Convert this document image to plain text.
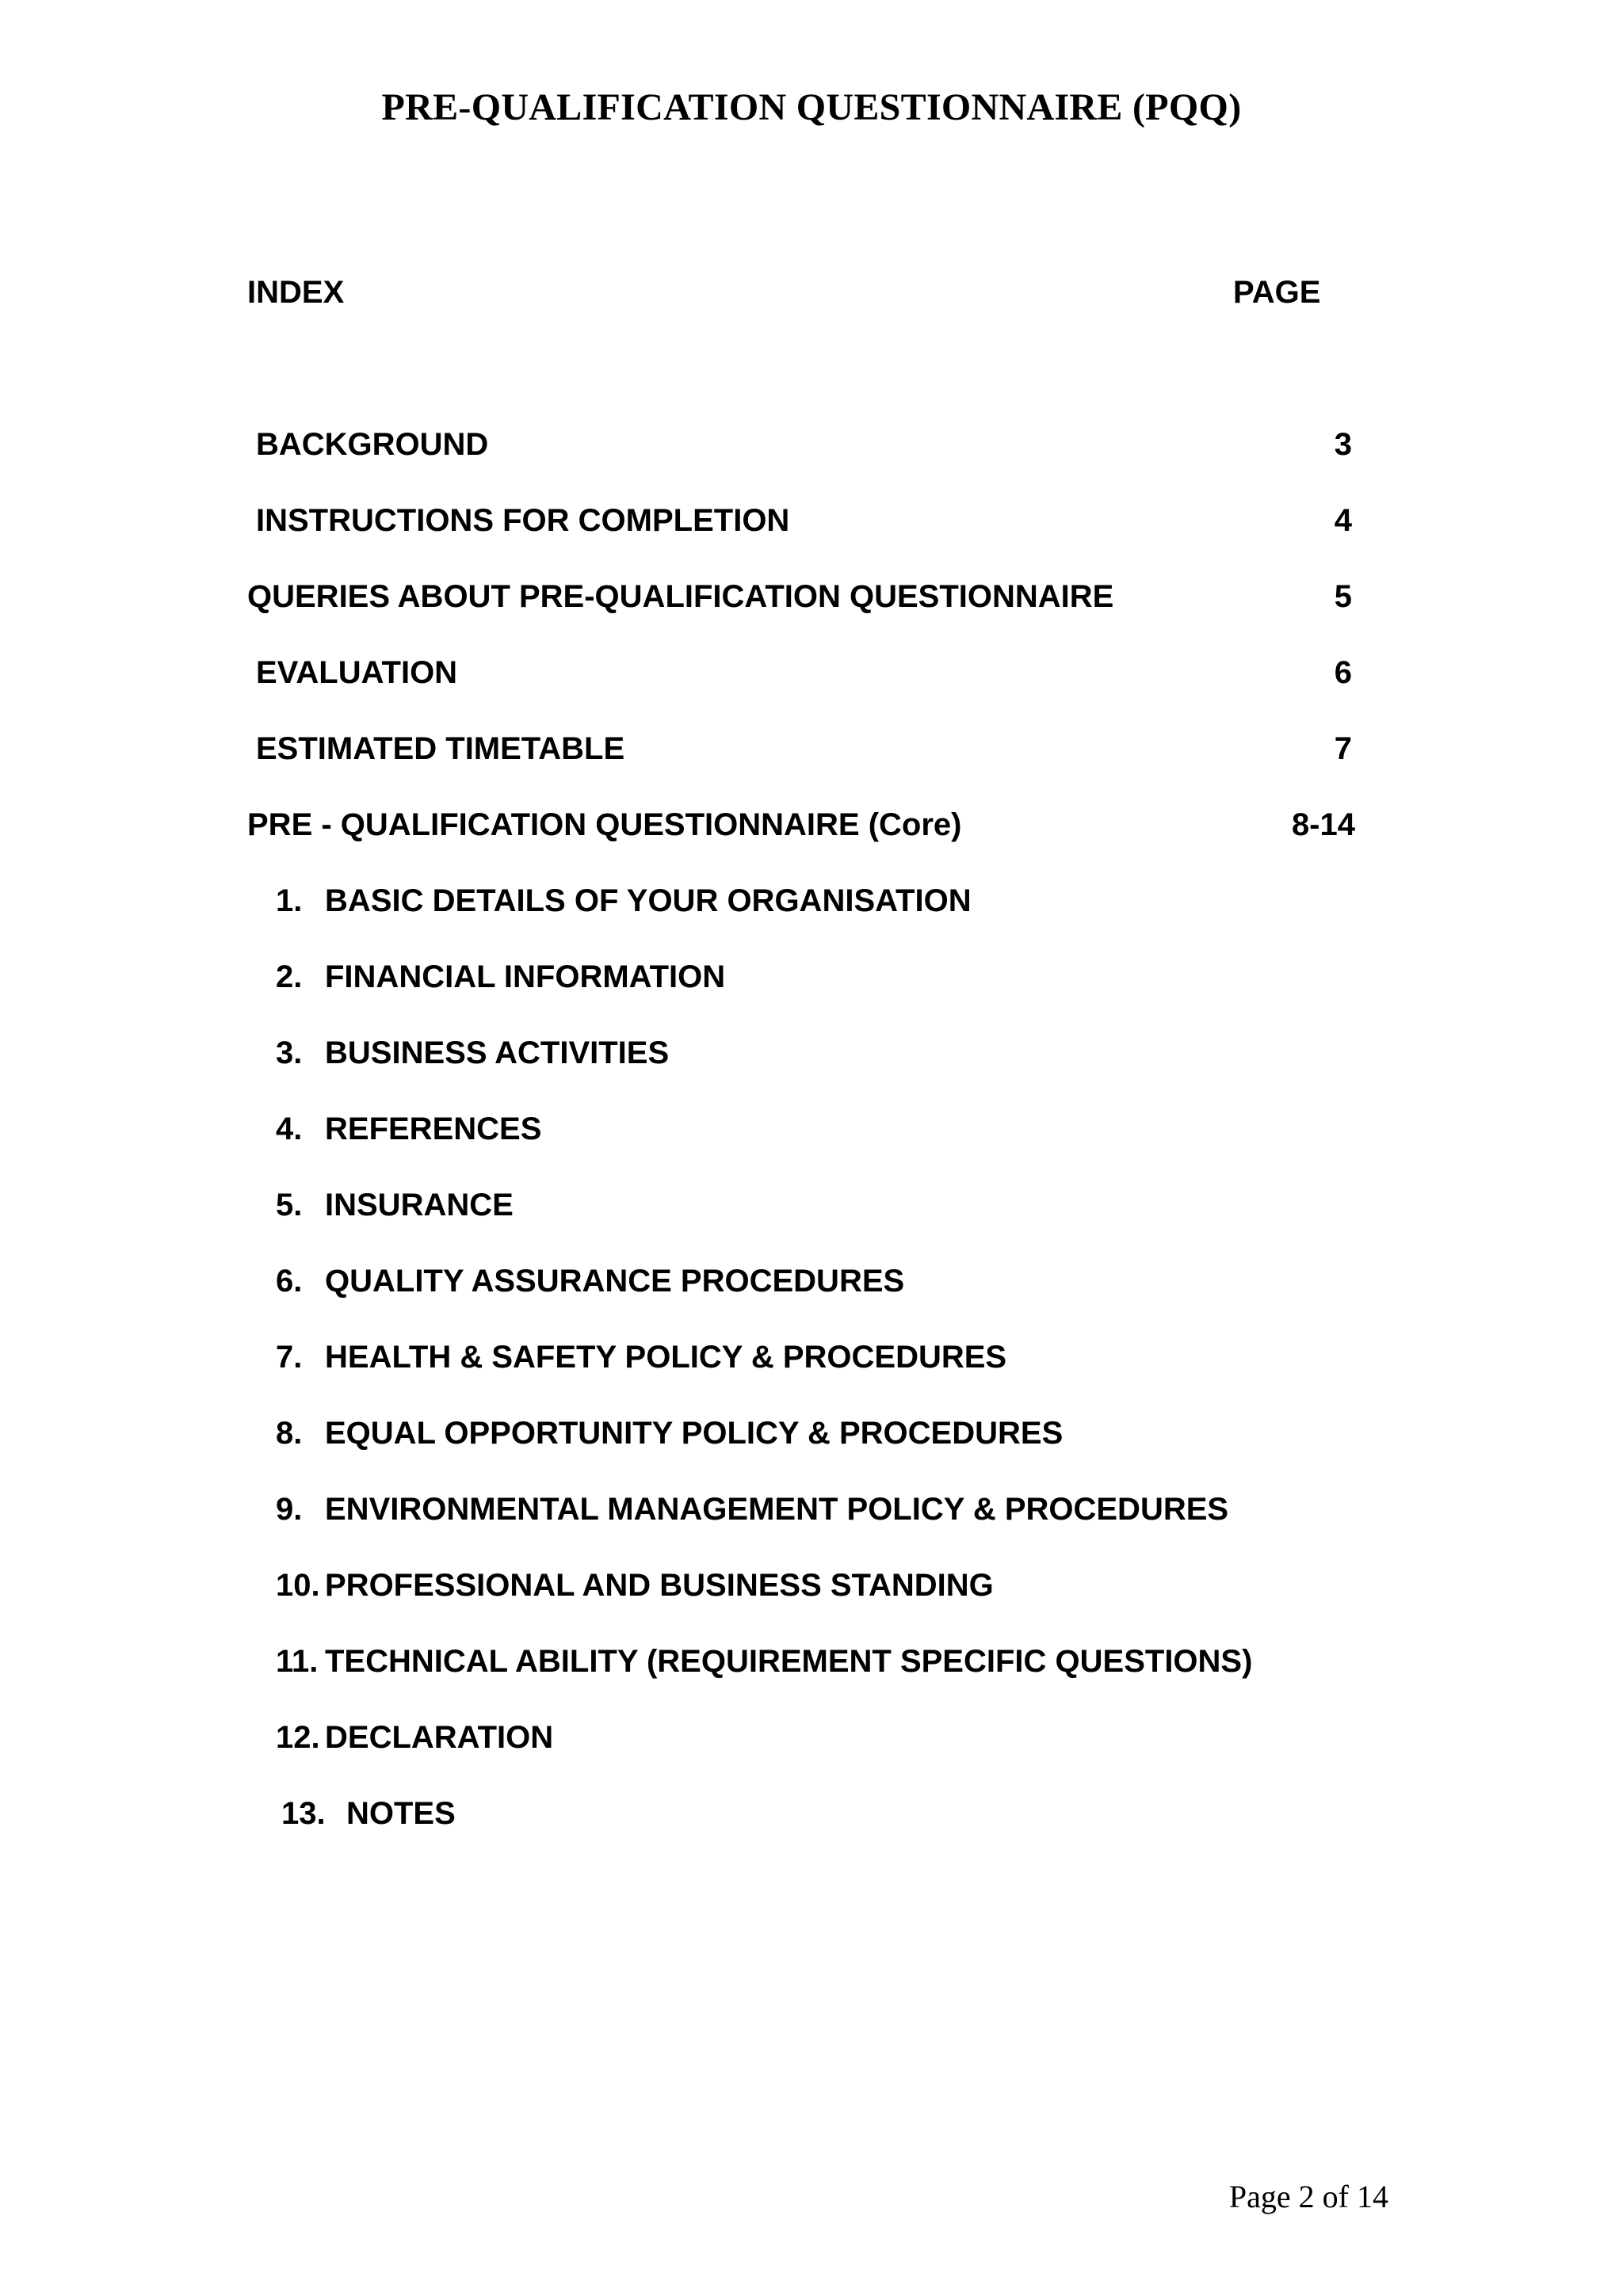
PRE-QUALIFICATION QUESTIONNAIRE (PQQ)
INDEX	PAGE
BACKGROUND	3
INSTRUCTIONS FOR COMPLETION	4
QUERIES ABOUT PRE-QUALIFICATION QUESTIONNAIRE	5
EVALUATION	6
ESTIMATED TIMETABLE	7
PRE - QUALIFICATION QUESTIONNAIRE (Core)	8-14
1. BASIC DETAILS OF YOUR ORGANISATION
2. FINANCIAL INFORMATION
3. BUSINESS ACTIVITIES
4. REFERENCES
5. INSURANCE
6. QUALITY ASSURANCE PROCEDURES
7. HEALTH & SAFETY POLICY & PROCEDURES
8. EQUAL OPPORTUNITY POLICY & PROCEDURES
9. ENVIRONMENTAL MANAGEMENT POLICY & PROCEDURES
10. PROFESSIONAL AND BUSINESS STANDING
11. TECHNICAL ABILITY (REQUIREMENT SPECIFIC QUESTIONS)
12. DECLARATION
13. NOTES
Page 2 of 14
